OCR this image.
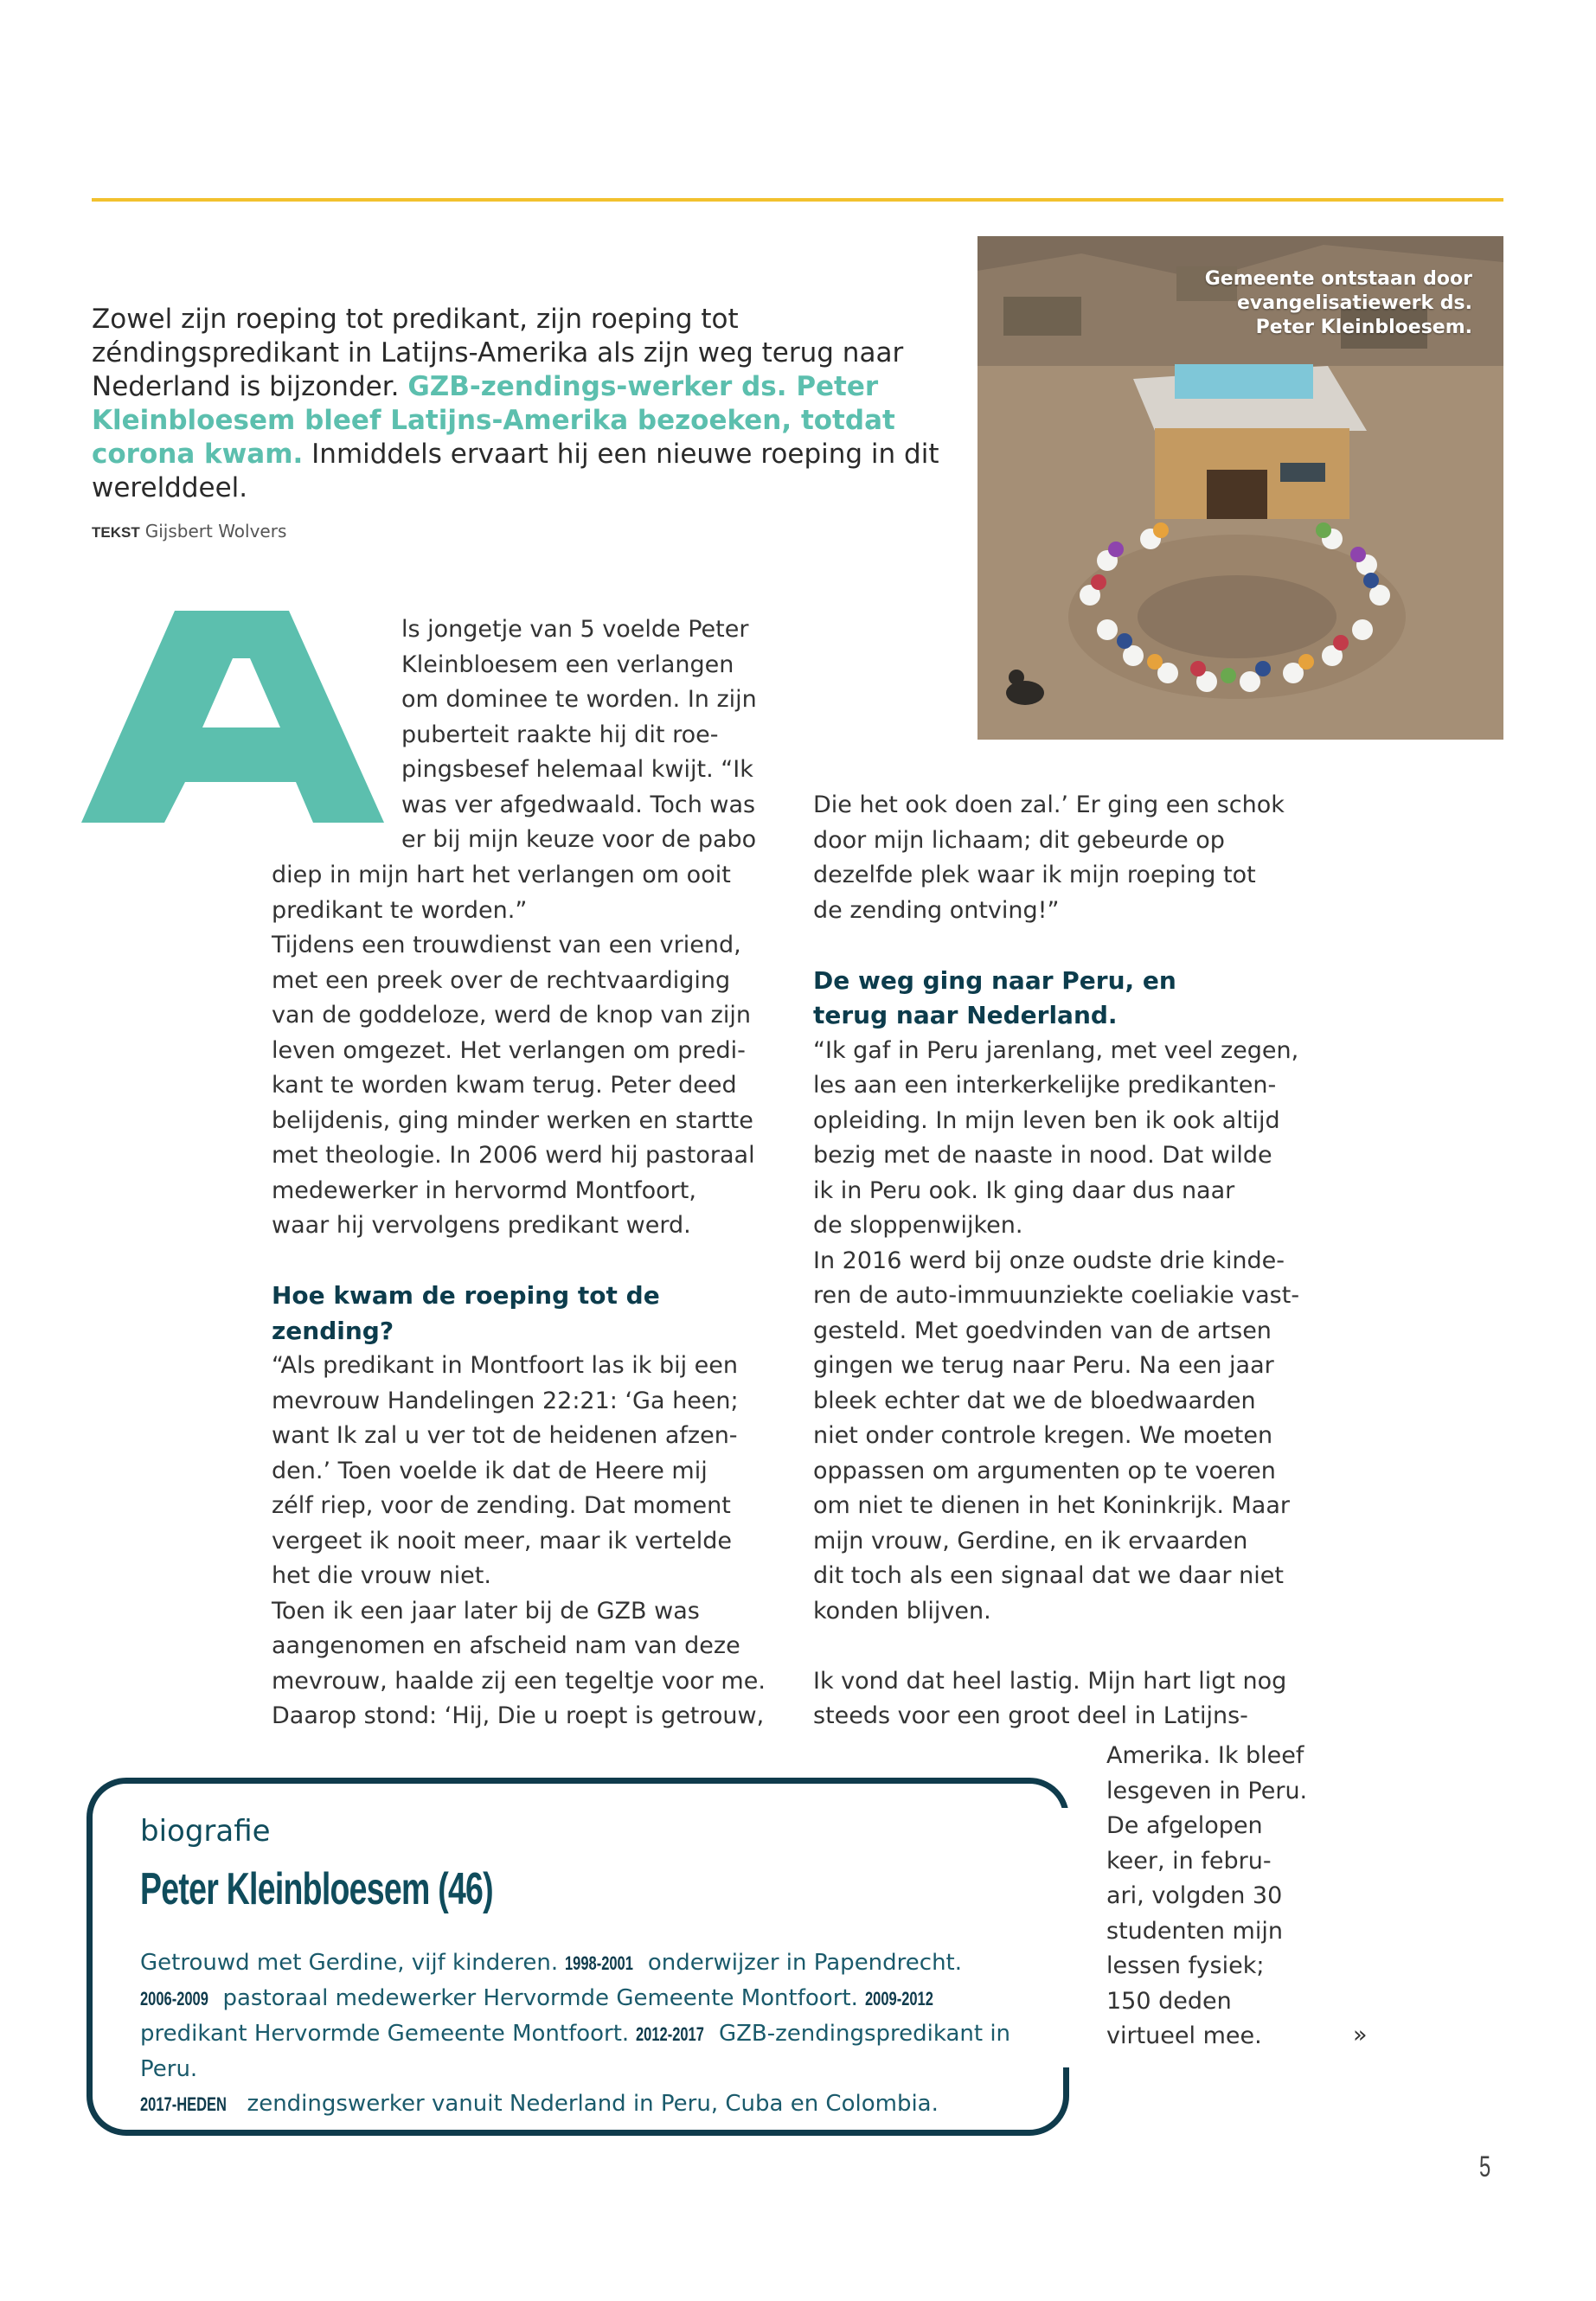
Zowel zijn roeping tot predikant, zijn roeping tot zéndingspredikant in Latijns-Amerika als zijn weg terug naar Nederland is bijzonder. GZB-zendings-werker ds. Peter Kleinbloesem bleef Latijns-Amerika bezoeken, totdat corona kwam. Inmiddels ervaart hij een nieuwe roeping in dit werelddeel.
TEKST Gijsbert Wolvers
Gemeente ontstaan door evangelisatiewerk ds. Peter Kleinbloesem.

ls jongetje van 5 voelde Peter

Kleinbloesem een verlangen

om dominee te worden. In zijn

puberteit raakte hij dit roe-

pingsbesef helemaal kwijt. “Ik

was ver afgedwaald. Toch was

er bij mijn keuze voor de pabo

diep in mijn hart het verlangen om ooit

predikant te worden.”

Tijdens een trouwdienst van een vriend,

met een preek over de rechtvaardiging

van de goddeloze, werd de knop van zijn

leven omgezet. Het verlangen om predi-

kant te worden kwam terug. Peter deed

belijdenis, ging minder werken en startte

met theologie. In 2006 werd hij pastoraal

medewerker in hervormd Montfoort,

waar hij vervolgens predikant werd.

Hoe kwam de roeping tot de
zending?

“Als predikant in Montfoort las ik bij een

mevrouw Handelingen 22:21: ‘Ga heen;

want Ik zal u ver tot de heidenen afzen-

den.’ Toen voelde ik dat de Heere mij

zélf riep, voor de zending. Dat moment

vergeet ik nooit meer, maar ik vertelde

het die vrouw niet.

Toen ik een jaar later bij de GZB was

aangenomen en afscheid nam van deze

mevrouw, haalde zij een tegeltje voor me.

Daarop stond: ‘Hij, Die u roept is getrouw,

Die het ook doen zal.’ Er ging een schok

door mijn lichaam; dit gebeurde op

dezelfde plek waar ik mijn roeping tot

de zending ontving!”

De weg ging naar Peru, en
terug naar Nederland.

“Ik gaf in Peru jarenlang, met veel zegen,

les aan een interkerkelijke predikanten-

opleiding. In mijn leven ben ik ook altijd

bezig met de naaste in nood. Dat wilde

ik in Peru ook. Ik ging daar dus naar

de sloppenwijken.

In 2016 werd bij onze oudste drie kinde-

ren de auto-immuunziekte coeliakie vast-

gesteld. Met goedvinden van de artsen

gingen we terug naar Peru. Na een jaar

bleek echter dat we de bloedwaarden

niet onder controle kregen. We moeten

oppassen om argumenten op te voeren

om niet te dienen in het Koninkrijk. Maar

mijn vrouw, Gerdine, en ik ervaarden

dit toch als een signaal dat we daar niet

konden blijven.

Ik vond dat heel lastig. Mijn hart ligt nog

steeds voor een groot deel in Latijns-

Amerika. Ik bleef

lesgeven in Peru.

De afgelopen

keer, in febru-

ari, volgden 30

studenten mijn

lessen fysiek;

150 deden

virtueel mee.	»
biografie
Peter Kleinbloesem (46)
Getrouwd met Gerdine, vijf kinderen. 1998-2001 onderwijzer in Papendrecht.
2006-2009 pastoraal medewerker Hervormde Gemeente Montfoort. 2009-2012
predikant Hervormde Gemeente Montfoort. 2012-2017 GZB-zendingspredikant in Peru.
2017-HEDEN zendingswerker vanuit Nederland in Peru, Cuba en Colombia.
5
